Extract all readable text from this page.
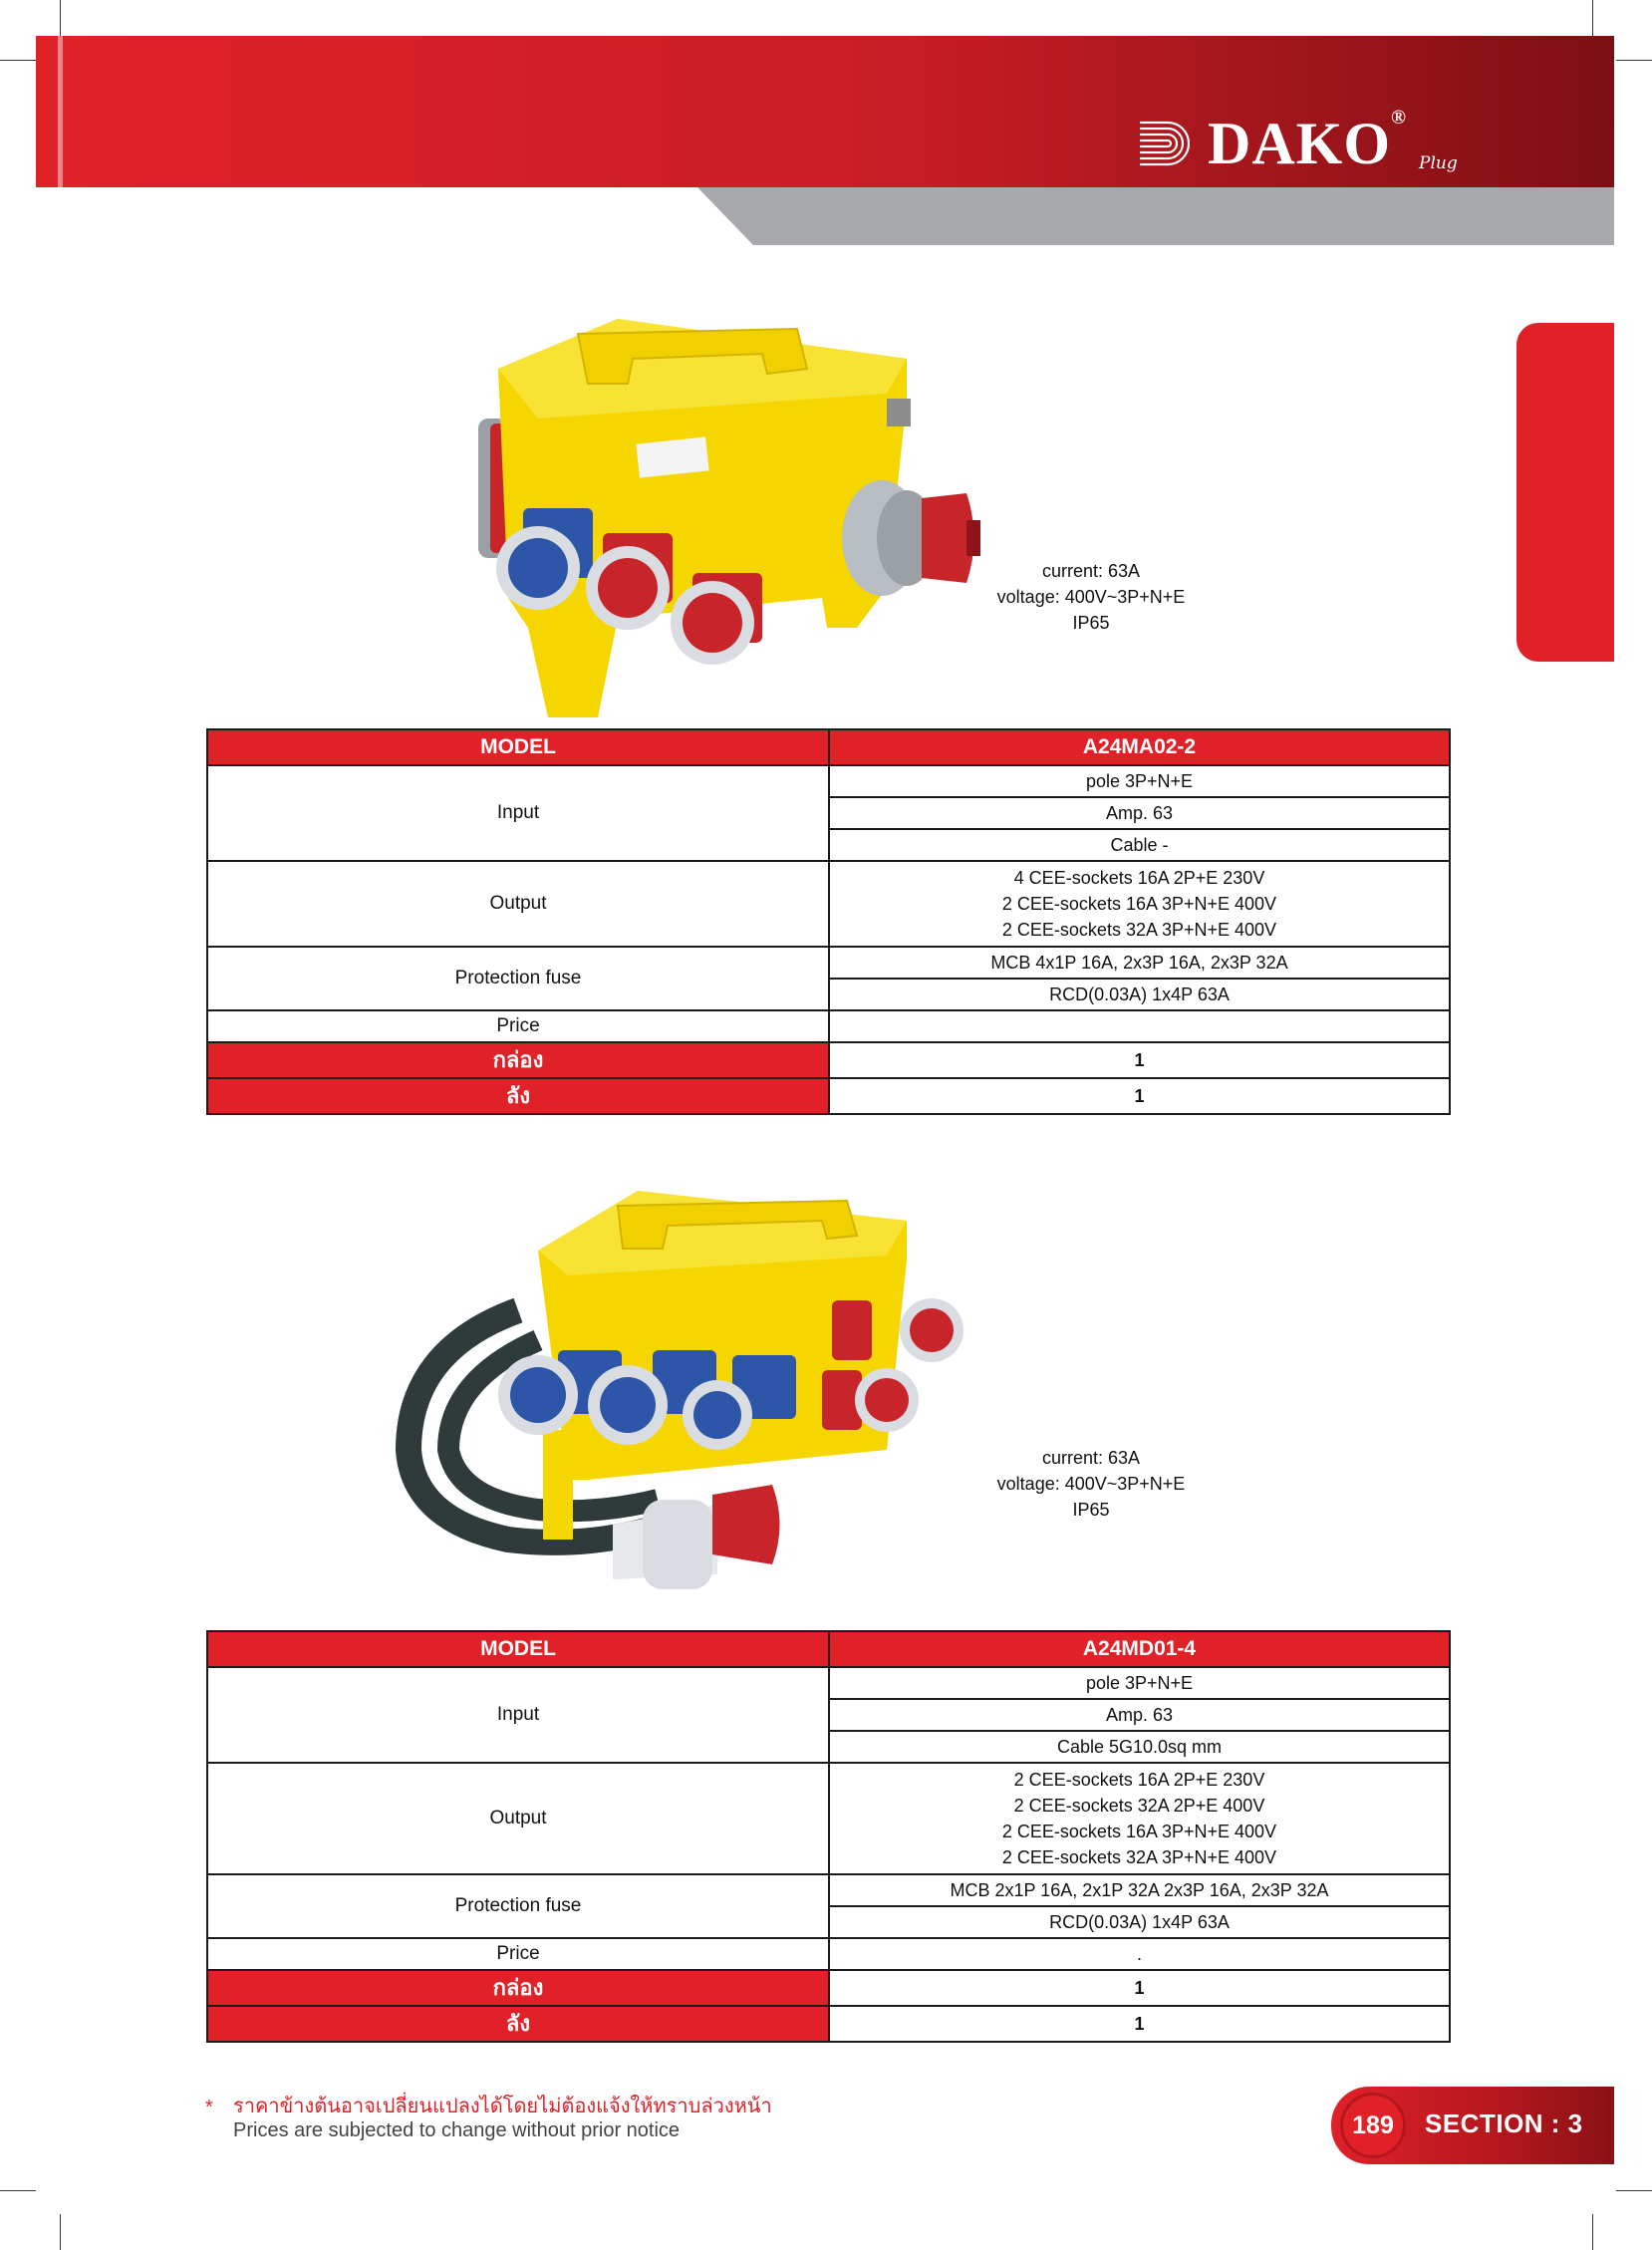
DAKO®
Plug
current: 63A
voltage: 400V~3P+N+E
IP65
MODEL	A24MA02-2
Input	pole 3P+N+E
	Amp. 63
	Cable -
Output	4 CEE-sockets 16A 2P+E 230V
2 CEE-sockets 16A 3P+N+E 400V
2 CEE-sockets 32A 3P+N+E 400V

Protection fuse	MCB 4x1P 16A, 2x3P 16A, 2x3P 32A
	RCD(0.03A) 1x4P 63A
Price	
กล่อง	1
ลัง	1
current: 63A
voltage: 400V~3P+N+E
IP65
MODEL	A24MD01-4
Input	pole 3P+N+E
	Amp. 63
	Cable 5G10.0sq mm
Output	2 CEE-sockets 16A 2P+E 230V
2 CEE-sockets 32A 2P+E 400V
2 CEE-sockets 16A 3P+N+E 400V
2 CEE-sockets 32A 3P+N+E 400V

Protection fuse	MCB 2x1P 16A, 2x1P 32A 2x3P 16A, 2x3P 32A
	RCD(0.03A) 1x4P 63A
Price	.
กล่อง	1
ลัง	1
* ราคาข้างต้นอาจเปลี่ยนแปลงได้โดยไม่ต้องแจ้งให้ทราบล่วงหน้า
Prices are subjected to change without prior notice	189	SECTION : 3
